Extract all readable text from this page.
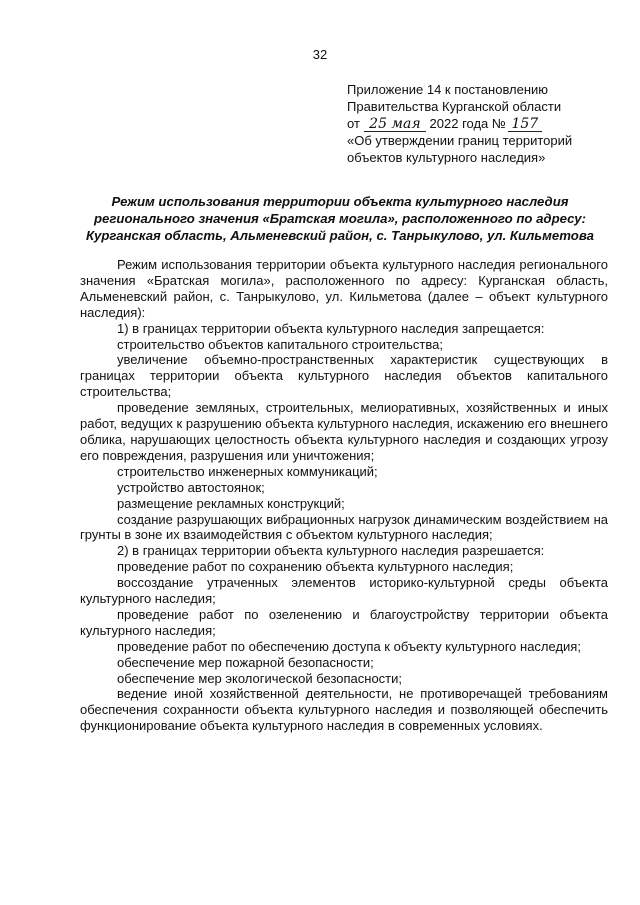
32
Приложение 14 к постановлению
Правительства Курганской области
от 25 мая 2022 года № 157
«Об утверждении границ территорий
объектов культурного наследия»
Режим использования территории объекта культурного наследия
регионального значения «Братская могила», расположенного по адресу:
Курганская область, Альменевский район, с. Танрыкулово, ул. Кильметова

Режим использования территории объекта культурного наследия регионального значения «Братская могила», расположенного по адресу: Курганская область, Альменевский район, с. Танрыкулово, ул. Кильметова (далее – объект культурного наследия):

1) в границах территории объекта культурного наследия запрещается:

строительство объектов капитального строительства;

увеличение объемно-пространственных характеристик существующих в границах территории объекта культурного наследия объектов капитального строительства;

проведение земляных, строительных, мелиоративных, хозяйственных и иных работ, ведущих к разрушению объекта культурного наследия, искажению его внешнего облика, нарушающих целостность объекта культурного наследия и создающих угрозу его повреждения, разрушения или уничтожения;

строительство инженерных коммуникаций;

устройство автостоянок;

размещение рекламных конструкций;

создание разрушающих вибрационных нагрузок динамическим воздействием на грунты в зоне их взаимодействия с объектом культурного наследия;

2) в границах территории объекта культурного наследия разрешается:

проведение работ по сохранению объекта культурного наследия;

воссоздание утраченных элементов историко-культурной среды объекта культурного наследия;

проведение работ по озеленению и благоустройству территории объекта культурного наследия;

проведение работ по обеспечению доступа к объекту культурного наследия;

обеспечение мер пожарной безопасности;

обеспечение мер экологической безопасности;

ведение иной хозяйственной деятельности, не противоречащей требованиям обеспечения сохранности объекта культурного наследия и позволяющей обеспечить функционирование объекта культурного наследия в современных условиях.
